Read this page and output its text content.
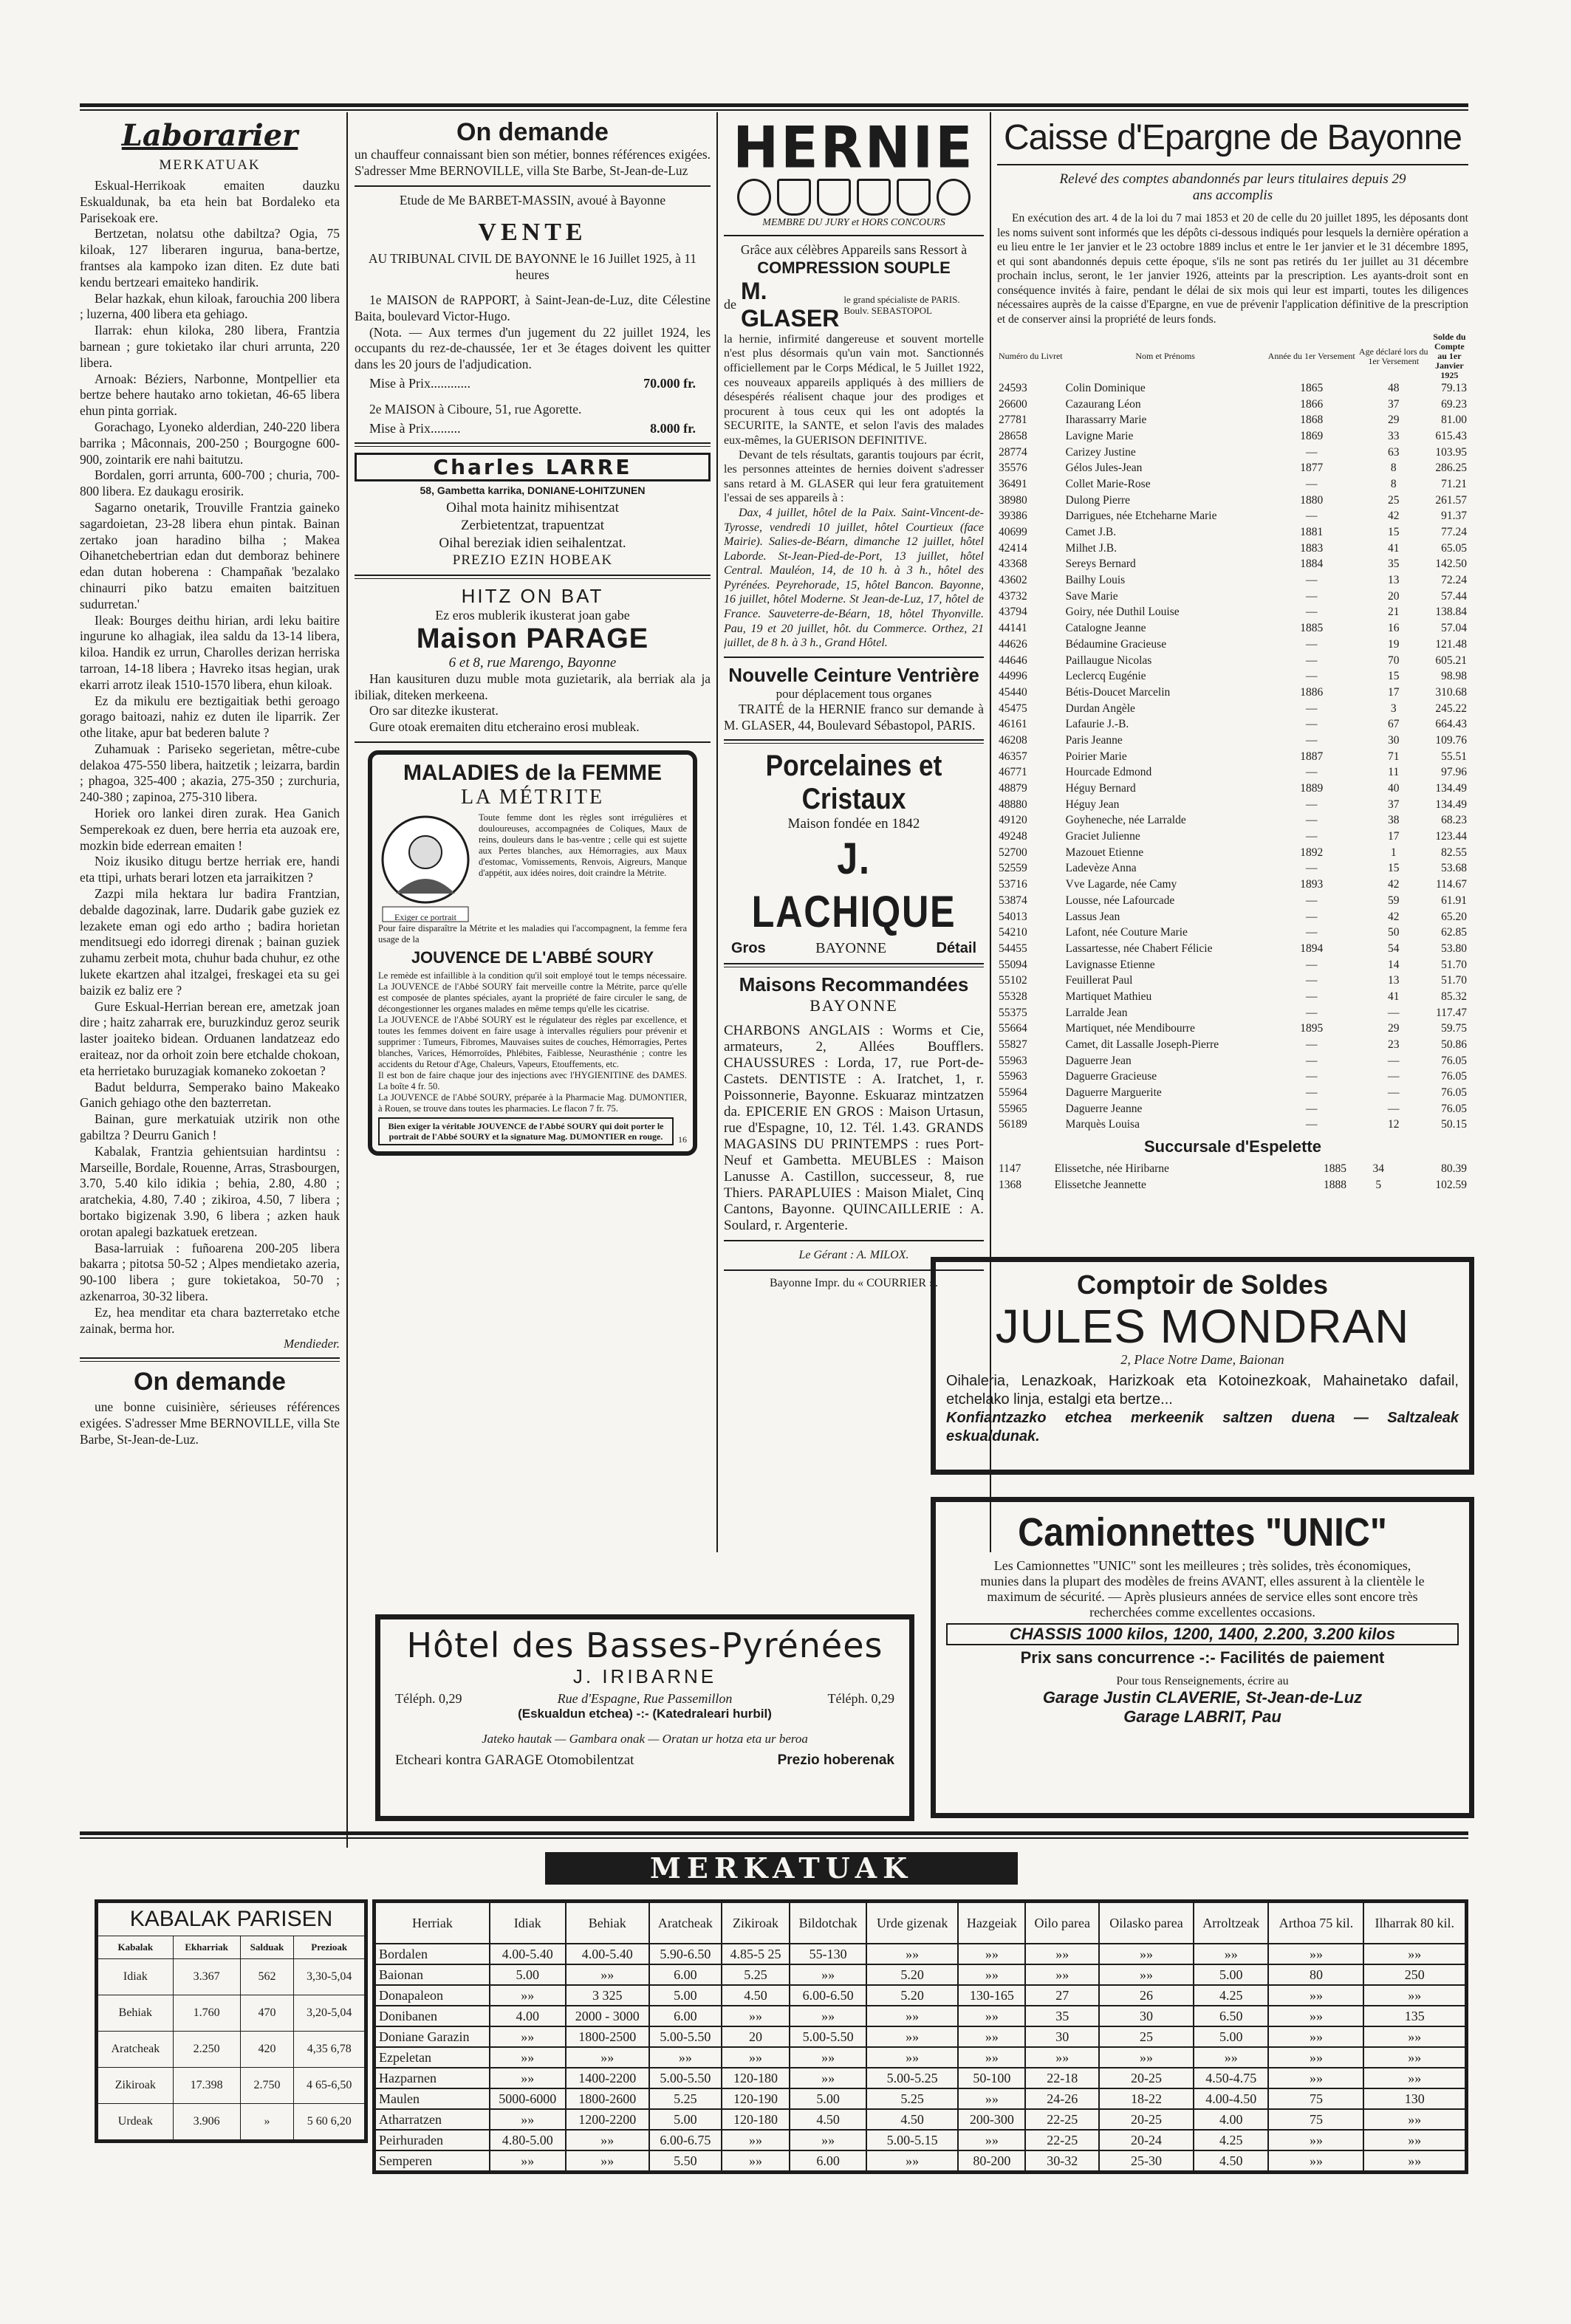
Laborarier
MERKATUAK

Eskual-Herrikoak emaiten dauzku Eskualdunak, ba eta hein bat Bordaleko eta Parisekoak ere.

Bertzetan, nolatsu othe dabiltza? Ogia, 75 kiloak, 127 liberaren ingurua, bana-bertze, frantses ala kampoko izan diten. Ez dute bati kendu bertzeari emaiteko handirik.

Belar hazkak, ehun kiloak, farouchia 200 libera ; luzerna, 400 libera eta gehiago.

Ilarrak: ehun kiloka, 280 libera, Frantzia barnean ; gure tokietako ilar churi arrunta, 220 libera.

Arnoak: Béziers, Narbonne, Montpellier eta bertze behere hautako arno tokietan, 46-65 libera ehun pinta gorriak.

Gorachago, Lyoneko alderdian, 240-220 libera barrika ; Mâconnais, 200-250 ; Bourgogne 600-900, zointarik ere nahi baitutzu.

Bordalen, gorri arrunta, 600-700 ; churia, 700-800 libera. Ez daukagu erosirik.

Sagarno onetarik, Trouville Frantzia gaineko sagardoietan, 23-28 libera ehun pintak. Bainan zertako joan haradino bilha ; Makea Oihanetchebertrian edan dut demboraz behinere edan dutan hoberena : Champañak 'bezalako chinaurri piko batzu emaiten baitzituen sudurretan.'

Ileak: Bourges deithu hirian, ardi leku baitire ingurune ko alhagiak, ilea saldu da 13-14 libera, kiloa. Handik ez urrun, Charolles derizan herriska tarroan, 14-18 libera ; Havreko itsas hegian, urak ekarri arrotz ileak 1510-1570 libera, ehun kiloak.

Ez da mikulu ere beztigaitiak bethi geroago gorago baitoazi, nahiz ez duten ile liparrik. Zer othe litake, apur bat bederen balute ?

Zuhamuak : Pariseko segerietan, mêtre-cube delakoa 475-550 libera, haitzetik ; leizarra, bardin ; phagoa, 325-400 ; akazia, 275-350 ; zurchuria, 240-380 ; zapinoa, 275-310 libera.

Horiek oro lankei diren zurak. Hea Ganich Semperekoak ez duen, bere herria eta auzoak ere, mozkin bide ederrean emaiten !

Noiz ikusiko ditugu bertze herriak ere, handi eta ttipi, urhats berari lotzen eta jarraikitzen ?

Zazpi mila hektara lur badira Frantzian, debalde dagozinak, larre. Dudarik gabe guziek ez lezakete eman ogi edo artho ; badira horietan menditsuegi edo idorregi direnak ; bainan guziek zuhamu zerbeit mota, chuhur bada chuhur, ez othe lukete ekartzen ahal itzalgei, freskagei eta su gei baizik ez baliz ere ?

Gure Eskual-Herrian berean ere, ametzak joan dire ; haitz zaharrak ere, buruzkinduz geroz seurik laster joaiteko bidean. Orduanen landatzeaz edo eraiteaz, nor da orhoit zoin bere etchalde chokoan, eta herrietako buruzagiak komaneko zokoetan ?

Badut beldurra, Semperako baino Makeako Ganich gehiago othe den bazterretan.

Bainan, gure merkatuiak utzirik non othe gabiltza ? Deurru Ganich !

Kabalak, Frantzia gehientsuian hardintsu : Marseille, Bordale, Rouenne, Arras, Strasbourgen, 3.70, 5.40 kilo idikia ; behia, 2.80, 4.80 ; aratchekia, 4.80, 7.40 ; zikiroa, 4.50, 7 libera ; bortako bigizenak 3.90, 6 libera ; azken hauk orotan apalegi bazkatuek eretzean.

Basa-larruiak : fuñoarena 200-205 libera bakarra ; pitotsa 50-52 ; Alpes mendietako azeria, 90-100 libera ; gure tokietakoa, 50-70 ; azkenarroa, 30-32 libera.

Ez, hea menditar eta chara bazterretako etche zainak, berma hor.

Mendieder.
On demande

une bonne cuisinière, sérieuses références exigées. S'adresser Mme BERNOVILLE, villa Ste Barbe, St-Jean-de-Luz.

On demande

un chauffeur connaissant bien son métier, bonnes références exigées. S'adresser Mme BERNOVILLE, villa Ste Barbe, St-Jean-de-Luz

Etude de Me BARBET-MASSIN, avoué à Bayonne

VENTE

AU TRIBUNAL CIVIL DE BAYONNE le 16 Juillet 1925, à 11 heures

1e MAISON de RAPPORT, à Saint-Jean-de-Luz, dite Célestine Baita, boulevard Victor-Hugo.

(Nota. — Aux termes d'un jugement du 22 juillet 1924, les occupants du rez-de-chaussée, 1er et 3e étages doivent les quitter dans les 20 jours de l'adjudication.

Mise à Prix............	70.000 fr.

2e MAISON à Ciboure, 51, rue Agorette.

Mise à Prix.........	8.000 fr.
Charles LARRE
58, Gambetta karrika, DONIANE-LOHITZUNEN
Oihal mota hainitz mihisentzat
Zerbietentzat, trapuentzat
Oihal bereziak idien seihalentzat.
PREZIO EZIN HOBEAK
HITZ ON BAT
Ez eros mublerik ikusterat joan gabe
Maison PARAGE
6 et 8, rue Marengo, Bayonne

Han kausituren duzu muble mota guzietarik, ala berriak ala ja ibiliak, diteken merkeena.

Oro sar ditezke ikusterat.

Gure otoak eremaiten ditu etcheraino erosi mubleak.

MALADIES de la FEMME
LA MÉTRITE
Exiger ce portrait

Toute femme dont les règles sont irrégulières et douloureuses, accompagnées de Coliques, Maux de reins, douleurs dans le bas-ventre ; celle qui est sujette aux Pertes blanches, aux Hémorragies, aux Maux d'estomac, Vomissements, Renvois, Aigreurs, Manque d'appétit, aux idées noires, doit craindre la Métrite.

Pour faire disparaître la Métrite et les maladies qui l'accompagnent, la femme fera usage de la

JOUVENCE DE L'ABBÉ SOURY

Le remède est infaillible à la condition qu'il soit employé tout le temps nécessaire. La JOUVENCE de l'Abbé SOURY fait merveille contre la Métrite, parce qu'elle est composée de plantes spéciales, ayant la propriété de faire circuler le sang, de décongestionner les organes malades en même temps qu'elle les cicatrise.

La JOUVENCE de l'Abbé SOURY est le régulateur des règles par excellence, et toutes les femmes doivent en faire usage à intervalles réguliers pour prévenir et supprimer : Tumeurs, Fibromes, Mauvaises suites de couches, Hémorragies, Pertes blanches, Varices, Hémorroïdes, Phlébites, Faiblesse, Neurasthénie ; contre les accidents du Retour d'Age, Chaleurs, Vapeurs, Etouffements, etc.

Il est bon de faire chaque jour des injections avec l'HYGIENITINE des DAMES. La boîte 4 fr. 50.

La JOUVENCE de l'Abbé SOURY, préparée à la Pharmacie Mag. DUMONTIER, à Rouen, se trouve dans toutes les pharmacies. Le flacon 7 fr. 75.

Bien exiger la véritable JOUVENCE de l'Abbé SOURY qui doit porter le portrait de l'Abbé SOURY et la signature Mag. DUMONTIER en rouge.	16
HERNIE
MEMBRE DU JURY et HORS CONCOURS

Grâce aux célèbres Appareils sans Ressort à

COMPRESSION SOUPLE
de
M. GLASER
le grand spécialiste de PARIS. Boulv. SEBASTOPOL

la hernie, infirmité dangereuse et souvent mortelle n'est plus désormais qu'un vain mot. Sanctionnés officiellement par le Corps Médical, le 5 Juillet 1922, ces nouveaux appareils appliqués à des milliers de désespérés réalisent chaque jour des prodiges et procurent à tous ceux qui les ont adoptés la SECURITE, la SANTE, et selon l'avis des malades eux-mêmes, la GUERISON DEFINITIVE.

Devant de tels résultats, garantis toujours par écrit, les personnes atteintes de hernies doivent s'adresser sans retard à M. GLASER qui leur fera gratuitement l'essai de ses appareils à :

Dax, 4 juillet, hôtel de la Paix. Saint-Vincent-de-Tyrosse, vendredi 10 juillet, hôtel Courtieux (face Mairie). Salies-de-Béarn, dimanche 12 juillet, hôtel Laborde. St-Jean-Pied-de-Port, 13 juillet, hôtel Central. Mauléon, 14, de 10 h. à 3 h., hôtel des Pyrénées. Peyrehorade, 15, hôtel Bancon. Bayonne, 16 juillet, hôtel Moderne. St Jean-de-Luz, 17, hôtel de France. Sauveterre-de-Béarn, 18, hôtel Thyonville. Pau, 19 et 20 juillet, hôt. du Commerce. Orthez, 21 juillet, de 8 h. à 3 h., Grand Hôtel.

Nouvelle Ceinture Ventrière
pour déplacement tous organes

TRAITÉ de la HERNIE franco sur demande à M. GLASER, 44, Boulevard Sébastopol, PARIS.

Porcelaines et Cristaux
Maison fondée en 1842
J. LACHIQUE
Gros	BAYONNE	Détail
Maisons Recommandées
BAYONNE

CHARBONS ANGLAIS : Worms et Cie, armateurs, 2, Allées Boufflers. CHAUSSURES : Lorda, 17, rue Port-de-Castets. DENTISTE : A. Iratchet, 1, r. Poissonnerie, Bayonne. Eskuaraz mintzatzen da. EPICERIE EN GROS : Maison Urtasun, rue d'Espagne, 10, 12. Tél. 1.43. GRANDS MAGASINS DU PRINTEMPS : rues Port-Neuf et Gambetta. MEUBLES : Maison Lanusse A. Castillon, successeur, 8, rue Thiers. PARAPLUIES : Maison Mialet, Cinq Cantons, Bayonne. QUINCAILLERIE : A. Soulard, r. Argenterie.

Le Gérant : A. MILOX.
Bayonne Impr. du « COURRIER ».
Caisse d'Epargne de Bayonne
Relevé des comptes abandonnés par leurs titulaires depuis 29 ans accomplis

En exécution des art. 4 de la loi du 7 mai 1853 et 20 de celle du 20 juillet 1895, les déposants dont les noms suivent sont informés que les dépôts ci-dessous indiqués pour lesquels la dernière opération a eu lieu entre le 1er janvier et le 23 octobre 1889 inclus et entre le 1er janvier et le 31 décembre 1895, et qui sont abandonnés depuis cette époque, s'ils ne sont pas retirés du 1er juillet au 31 décembre prochain inclus, seront, le 1er janvier 1926, atteints par la prescription. Les ayants-droit sont en conséquence invités à faire, pendant le délai de six mois qui leur est imparti, toutes les diligences nécessaires auprès de la caisse d'Epargne, en vue de prévenir l'application définitive de la prescription et de conserver ainsi la propriété de leurs fonds.

Numéro du Livret	Nom et Prénoms	Année du 1er Versement	Age déclaré lors du 1er Versement	Solde du Compte au 1er Janvier 1925
24593	Colin Dominique	1865	48	79.13
26600	Cazaurang Léon	1866	37	69.23
27781	Iharassarry Marie	1868	29	81.00
28658	Lavigne Marie	1869	33	615.43
28774	Carizey Justine	—	63	103.95
35576	Gélos Jules-Jean	1877	8	286.25
36491	Collet Marie-Rose	—	8	71.21
38980	Dulong Pierre	1880	25	261.57
39386	Darrigues, née Etcheharne Marie	—	42	91.37
40699	Camet J.B.	1881	15	77.24
42414	Milhet J.B.	1883	41	65.05
43368	Sereys Bernard	1884	35	142.50
43602	Bailhy Louis	—	13	72.24
43732	Save Marie	—	20	57.44
43794	Goiry, née Duthil Louise	—	21	138.84
44141	Catalogne Jeanne	1885	16	57.04
44626	Bédaumine Gracieuse	—	19	121.48
44646	Paillaugue Nicolas	—	70	605.21
44996	Leclercq Eugénie	—	15	98.98
45440	Bétis-Doucet Marcelin	1886	17	310.68
45475	Durdan Angèle	—	3	245.22
46161	Lafaurie J.-B.	—	67	664.43
46208	Paris Jeanne	—	30	109.76
46357	Poirier Marie	1887	71	55.51
46771	Hourcade Edmond	—	11	97.96
48879	Héguy Bernard	1889	40	134.49
48880	Héguy Jean	—	37	134.49
49120	Goyheneche, née Larralde	—	38	68.23
49248	Graciet Julienne	—	17	123.44
52700	Mazouet Etienne	1892	1	82.55
52559	Ladevèze Anna	—	15	53.68
53716	Vve Lagarde, née Camy	1893	42	114.67
53874	Lousse, née Lafourcade	—	59	61.91
54013	Lassus Jean	—	42	65.20
54210	Lafont, née Couture Marie	—	50	62.85
54455	Lassartesse, née Chabert Félicie	1894	54	53.80
55094	Lavignasse Etienne	—	14	51.70
55102	Feuillerat Paul	—	13	51.70
55328	Martiquet Mathieu	—	41	85.32
55375	Larralde Jean	—	—	117.47
55664	Martiquet, née Mendibourre	1895	29	59.75
55827	Camet, dit Lassalle Joseph-Pierre	—	23	50.86
55963	Daguerre Jean	—	—	76.05
55963	Daguerre Gracieuse	—	—	76.05
55964	Daguerre Marguerite	—	—	76.05
55965	Daguerre Jeanne	—	—	76.05
56189	Marquès Louisa	—	12	50.15
Succursale d'Espelette
1147	Elissetche, née Hiribarne	1885	34	80.39
1368	Elissetche Jeannette	1888	5	102.59
Comptoir de Soldes
JULES MONDRAN
2, Place Notre Dame, Baionan

Oihaleria, Lenazkoak, Harizkoak eta Kotoinezkoak, Mahainetako dafail, etchelako linja, estalgi eta bertze...

Konfiantzazko etchea merkeenik saltzen duena — Saltzaleak eskualdunak.

Camionnettes "UNIC"

Les Camionnettes "UNIC" sont les meilleures ; très solides, très économiques, munies dans la plupart des modèles de freins AVANT, elles assurent à la clientèle le maximum de sécurité. — Après plusieurs années de service elles sont encore très recherchées comme excellentes occasions.

CHASSIS 1000 kilos, 1200, 1400, 2.200, 3.200 kilos
Prix sans concurrence -:- Facilités de paiement
Pour tous Renseignements, écrire au
Garage Justin CLAVERIE, St-Jean-de-Luz
Garage LABRIT, Pau
Hôtel des Basses-Pyrénées
J. IRIBARNE
Téléph. 0,29	Rue d'Espagne, Rue Passemillon	Téléph. 0,29
(Eskualdun etchea) -:- (Katedraleari hurbil)
Jateko hautak — Gambara onak — Oratan ur hotza eta ur beroa
Etcheari kontra GARAGE Otomobilentzat	Prezio hoberenak
MERKATUAK
KABALAK PARISEN			
Kabalak	Ekharriak	Salduak	Prezioak
Idiak	3.367	562	3,30-5,04
Behiak	1.760	470	3,20-5,04
Aratcheak	2.250	420	4,35 6,78
Zikiroak	17.398	2.750	4 65-6,50
Urdeak	3.906	»	5 60 6,20
Herriak	Idiak	Behiak	Aratcheak	Zikiroak	Bildotchak	Urde gizenak	Hazgeiak	Oilo parea	Oilasko parea	Arroltzeak	Arthoa 75 kil.	Ilharrak 80 kil.
Bordalen	4.00-5.40	4.00-5.40	5.90-6.50	4.85-5 25	55-130	»»	»»	»»	»»	»»	»»	»»
Baionan	5.00	»»	6.00	5.25	»»	5.20	»»	»»	»»	5.00	80	250
Donapaleon	»»	3 325	5.00	4.50	6.00-6.50	5.20	130-165	27	26	4.25	»»	»»
Donibanen	4.00	2000 - 3000	6.00	»»	»»	»»	»»	35	30	6.50	»»	135
Doniane Garazin	»»	1800-2500	5.00-5.50	20	5.00-5.50	»»	»»	30	25	5.00	»»	»»
Ezpeletan	»»	»»	»»	»»	»»	»»	»»	»»	»»	»»	»»	»»
Hazparnen	»»	1400-2200	5.00-5.50	120-180	»»	5.00-5.25	50-100	22-18	20-25	4.50-4.75	»»	»»
Maulen	5000-6000	1800-2600	5.25	120-190	5.00	5.25	»»	24-26	18-22	4.00-4.50	75	130
Atharratzen	»»	1200-2200	5.00	120-180	4.50	4.50	200-300	22-25	20-25	4.00	75	»»
Peirhuraden	4.80-5.00	»»	6.00-6.75	»»	»»	5.00-5.15	»»	22-25	20-24	4.25	»»	»»
Semperen	»»	»»	5.50	»»	6.00	»»	80-200	30-32	25-30	4.50	»»	»»
